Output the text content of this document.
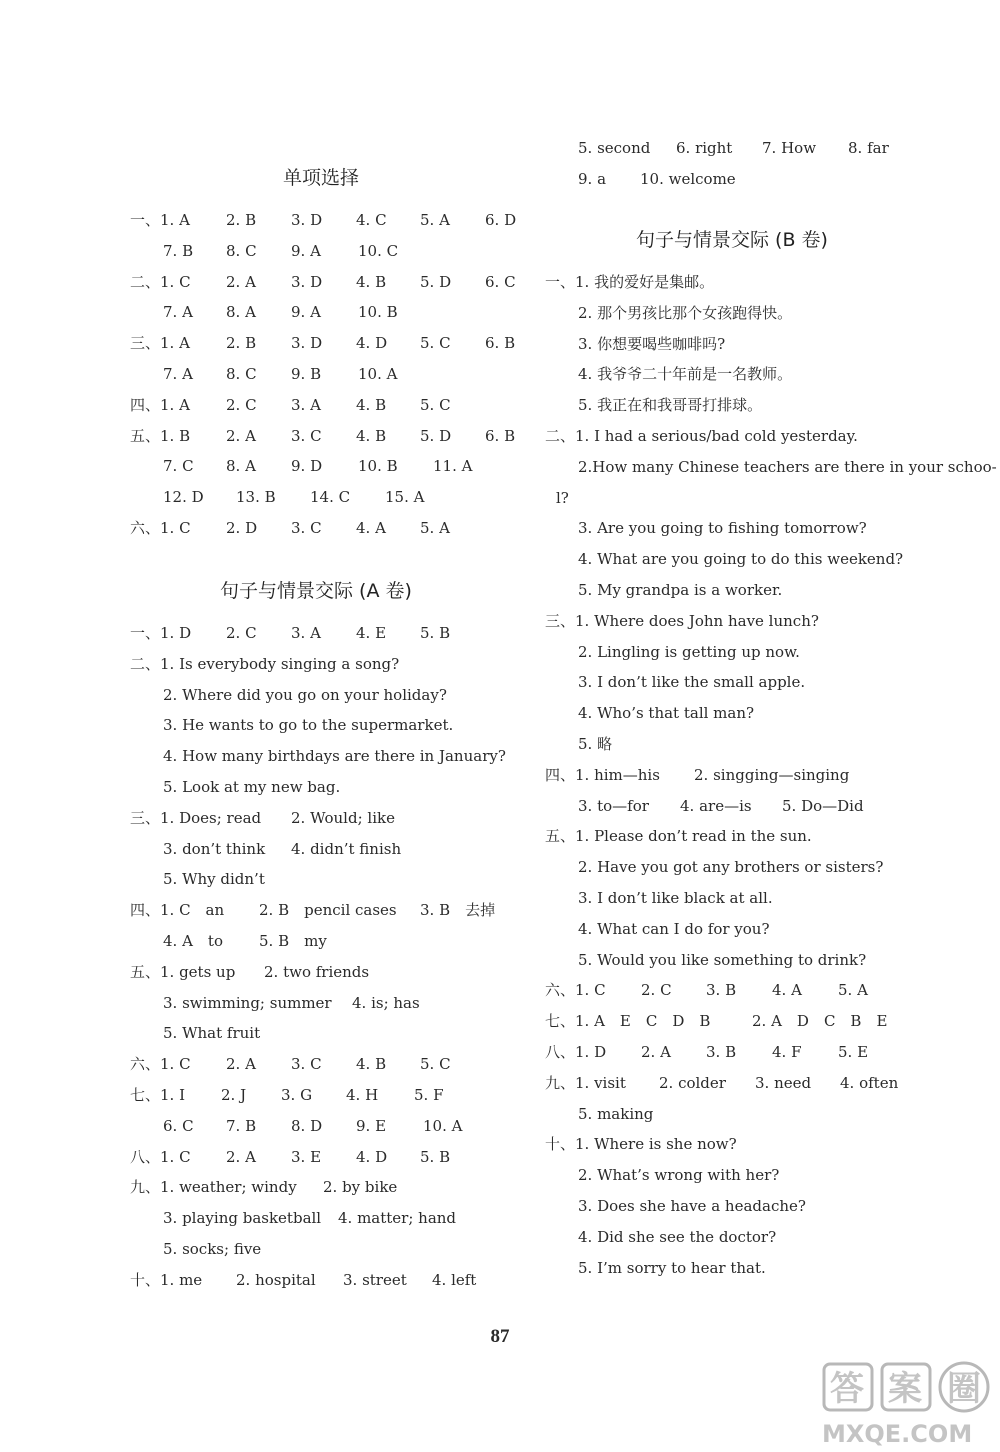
单项选择
一、1. A 2. B 3. D 4. C 5. A 6. D
7. B 8. C 9. A 10. C
二、1. C 2. A 3. D 4. B 5. D 6. C
7. A 8. A 9. A 10. B
三、1. A 2. B 3. D 4. D 5. C 6. B
7. A 8. C 9. B 10. A
四、1. A 2. C 3. A 4. B 5. C
五、1. B 2. A 3. C 4. B 5. D 6. B
7. C 8. A 9. D 10. B 11. A
12. D 13. B 14. C 15. A
六、1. C 2. D 3. C 4. A 5. A
句子与情景交际 (A 卷)
一、1. D 2. C 3. A 4. E 5. B
二、1. Is everybody singing a song?
2. Where did you go on your holiday?
3. He wants to go to the supermarket.
4. How many birthdays are there in January?
5. Look at my new bag.
三、1. Does; read 2. Would; like
3. don’t think 4. didn’t finish
5. Why didn’t
四、1. C　an 2. B　pencil cases 3. B　去掉
4. A　to 5. B　my
五、1. gets up 2. two friends
3. swimming; summer 4. is; has
5. What fruit
六、1. C 2. A 3. C 4. B 5. C
七、1. I 2. J 3. G 4. H 5. F
6. C 7. B 8. D 9. E 10. A
八、1. C 2. A 3. E 4. D 5. B
九、1. weather; windy 2. by bike
3. playing basketball 4. matter; hand
5. socks; five
十、1. me 2. hospital 3. street 4. left
5. second 6. right 7. How 8. far
9. a 10. welcome
句子与情景交际 (B 卷)
一、1. 我的爱好是集邮。
2. 那个男孩比那个女孩跑得快。
3. 你想要喝些咖啡吗?
4. 我爷爷二十年前是一名教师。
5. 我正在和我哥哥打排球。
二、1. I had a serious/bad cold yesterday.
2.How many Chinese teachers are there in your schoo-
l?
3. Are you going to fishing tomorrow?
4. What are you going to do this weekend?
5. My grandpa is a worker.
三、1. Where does John have lunch?
2. Lingling is getting up now.
3. I don’t like the small apple.
4. Who’s that tall man?
5. 略
四、1. him—his 2. singging—singing
3. to—for 4. are—is 5. Do—Did
五、1. Please don’t read in the sun.
2. Have you got any brothers or sisters?
3. I don’t like black at all.
4. What can I do for you?
5. Would you like something to drink?
六、1. C 2. C 3. B 4. A 5. A
七、1. A　E　C　D　B	2. A　D　C　B　E
八、1. D 2. A 3. B 4. F 5. E
九、1. visit 2. colder 3. need 4. often
5. making
十、1. Where is she now?
2. What’s wrong with her?
3. Does she have a headache?
4. Did she see the doctor?
5. I’m sorry to hear that.
87
答 案 圈
MXQE.COM
